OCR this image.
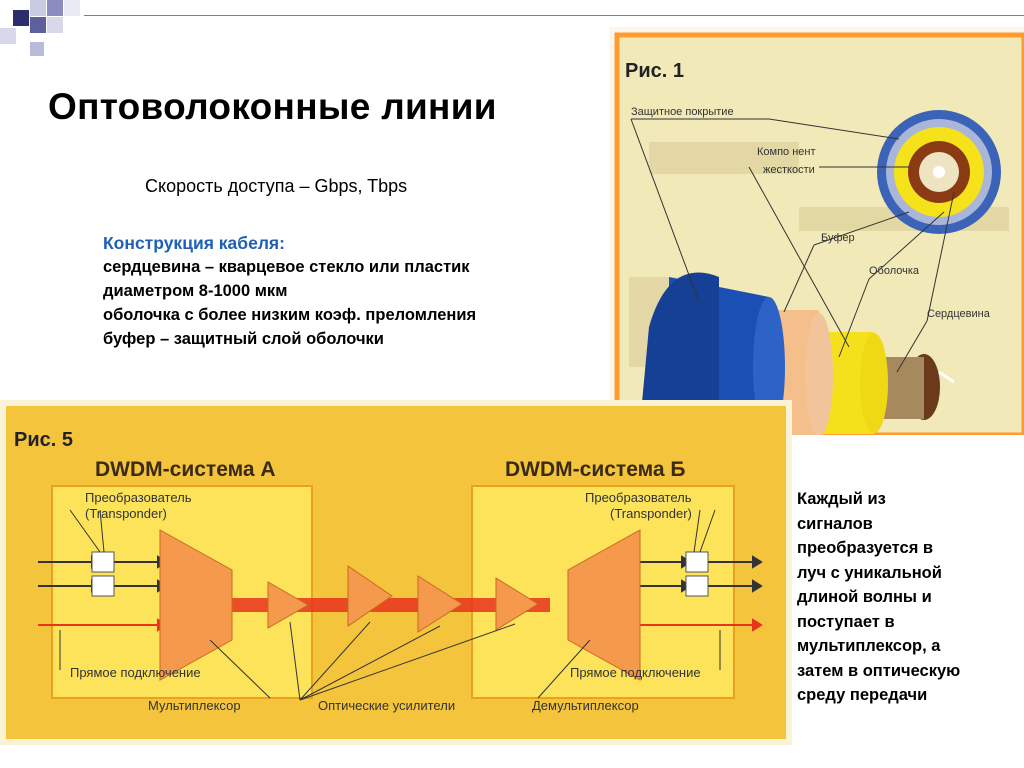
Оптоволоконные линии
Скорость доступа – Gbps, Tbps
Конструкция кабеля:
сердцевина – кварцевое стекло или пластик
диаметром 8-1000 мкм
оболочка с более низким коэф. преломления
буфер – защитный слой оболочки
Каждый из
сигналов
преобразуется в
луч с уникальной
длиной волны и
поступает в
мультиплексор, а
затем в оптическую
среду передачи
Рис. 1
Защитное покрытие
Компо нент
жесткости
Буфер
Оболочка
Сердцевина
Рис. 5
DWDM-система А	DWDM-система Б
Преобразователь
(Transponder)
Преобразователь
(Transponder)
Прямое подключение	Прямое подключение
Мультиплексор	Оптические усилители	Демультиплексор
